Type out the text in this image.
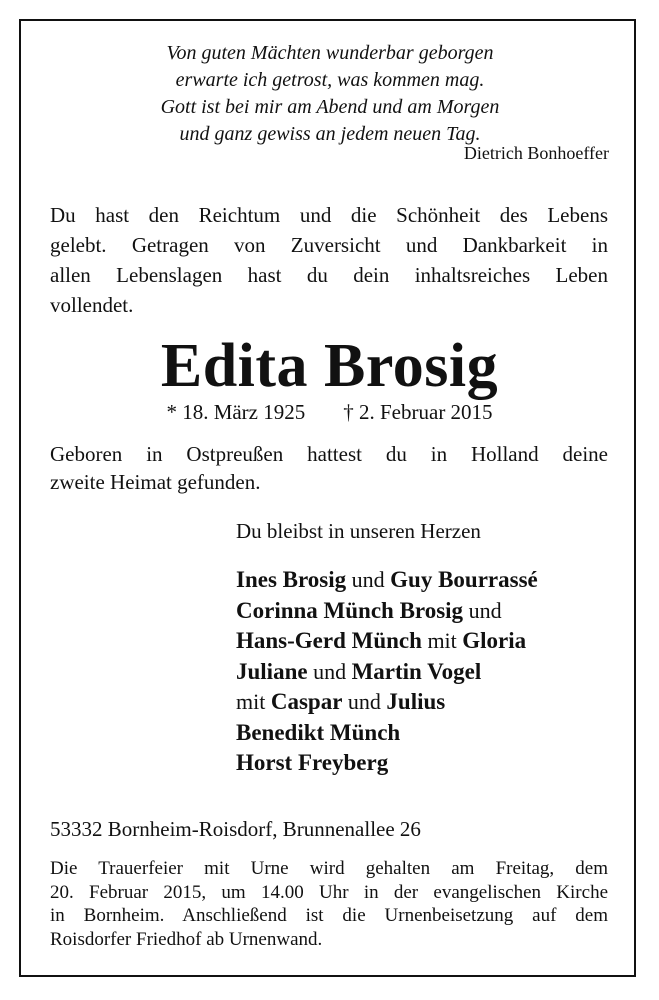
Von guten Mächten wunderbar geborgen
erwarte ich getrost, was kommen mag.
Gott ist bei mir am Abend und am Morgen
und ganz gewiss an jedem neuen Tag.
Dietrich Bonhoeffer
Du hast den Reichtum und die Schönheit des Lebens
gelebt. Getragen von Zuversicht und Dankbarkeit in
allen Lebenslagen hast du dein inhaltsreiches Leben
vollendet.
Edita Brosig
* 18. März 1925 † 2. Februar 2015
Geboren in Ostpreußen hattest du in Holland deine
zweite Heimat gefunden.
Du bleibst in unseren Herzen
Ines Brosig und Guy Bourrassé
Corinna Münch Brosig und
Hans-Gerd Münch mit Gloria
Juliane und Martin Vogel
mit Caspar und Julius
Benedikt Münch
Horst Freyberg
53332 Bornheim-Roisdorf, Brunnenallee 26
Die Trauerfeier mit Urne wird gehalten am Freitag, dem
20. Februar 2015, um 14.00 Uhr in der evangelischen Kirche
in Bornheim. Anschließend ist die Urnenbeisetzung auf dem
Roisdorfer Friedhof ab Urnenwand.
